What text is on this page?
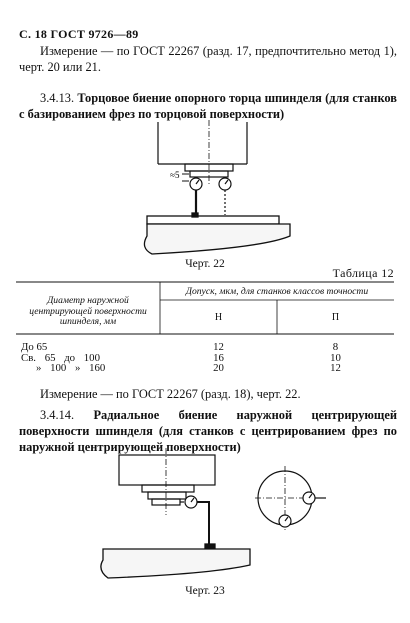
С. 18 ГОСТ 9726—89
Измерение — по ГОСТ 22267 (разд. 17, предпочтительно метод 1), черт. 20 или 21.
3.4.13. Торцовое биение опорного торца шпинделя (для станков с базированием фрез по торцовой поверхности)
≈5
Черт. 22
Таблица 12
Диаметр наружной центрирующей поверхности шпинделя, мм
Допуск, мкм, для станков классов точности
Н	П
До 65	12	8
Св. 65 до 100	16	10
» 100 » 160	20	12
Измерение — по ГОСТ 22267 (разд. 18), черт. 22.
3.4.14. Радиальное биение наружной центрирующей поверхности шпинделя (для станков с центрированием фрез по наружной центрирующей поверхности)
Черт. 23
